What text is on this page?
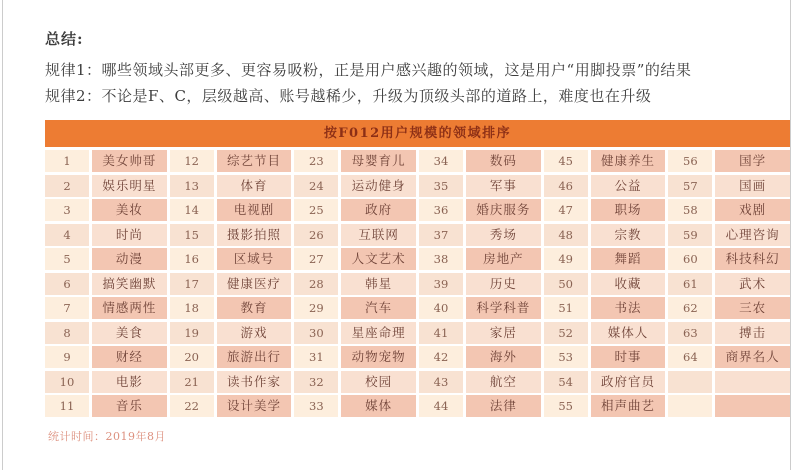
总结:
规律1：哪些领域头部更多、更容易吸粉，正是用户感兴趣的领域，这是用户“用脚投票”的结果
规律2：不论是F、C，层级越高、账号越稀少，升级为顶级头部的道路上，难度也在升级
按F012用户规模的领域排序
1	美女帅哥	12	综艺节目	23	母婴育儿	34	数码	45	健康养生	56	国学
2	娱乐明星	13	体育	24	运动健身	35	军事	46	公益	57	国画
3	美妆	14	电视剧	25	政府	36	婚庆服务	47	职场	58	戏剧
4	时尚	15	摄影拍照	26	互联网	37	秀场	48	宗教	59	心理咨询
5	动漫	16	区域号	27	人文艺术	38	房地产	49	舞蹈	60	科技科幻
6	搞笑幽默	17	健康医疗	28	韩星	39	历史	50	收藏	61	武术
7	情感两性	18	教育	29	汽车	40	科学科普	51	书法	62	三农
8	美食	19	游戏	30	星座命理	41	家居	52	媒体人	63	搏击
9	财经	20	旅游出行	31	动物宠物	42	海外	53	时事	64	商界名人
10	电影	21	读书作家	32	校园	43	航空	54	政府官员
11	音乐	22	设计美学	33	媒体	44	法律	55	相声曲艺
统计时间：2019年8月
